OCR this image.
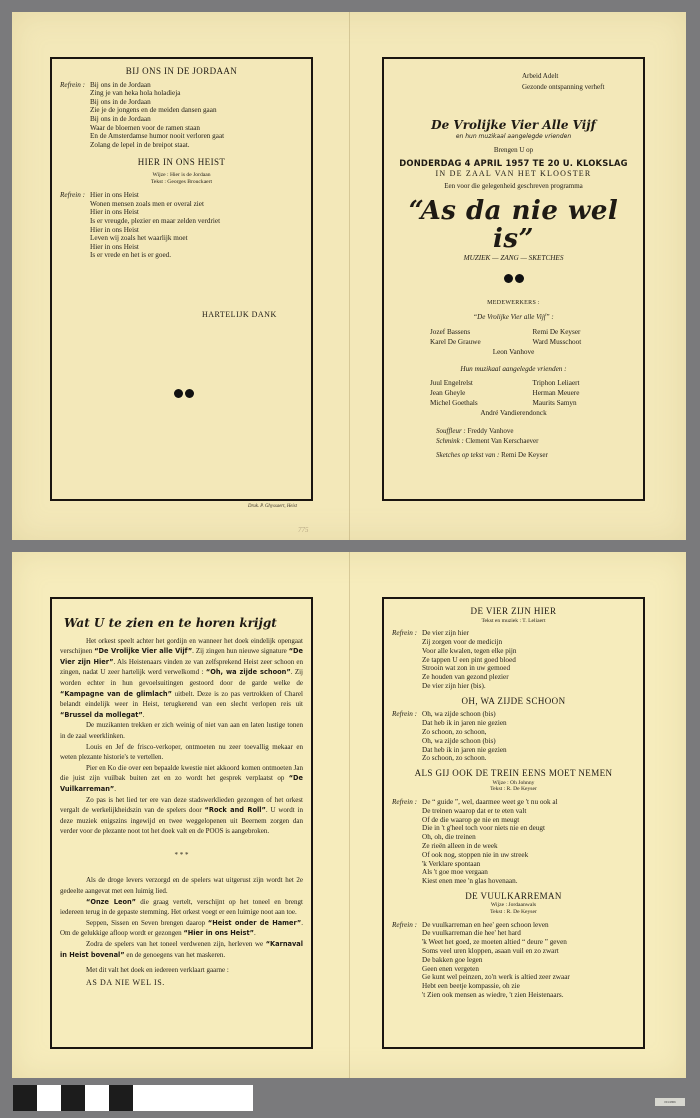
BIJ ONS IN DE JORDAAN
Refrein : Bij ons in de Jordaan
Zing je van heka hola holadieja
Bij ons in de Jordaan
Zie je de jongens en de meiden dansen gaan
Bij ons in de Jordaan
Waar de bloemen voor de ramen staan
En de Amsterdamse humor nooit verloren gaat
Zolang de lepel in de breipot staat.
HIER IN ONS HEIST
Wijze : Hier is de Jordaan
Tekst : Georges Brouckaert
Refrein : Hier in ons Heist
Wonen mensen zoals men er overal ziet
Hier in ons Heist
Is er vreugde, plezier en maar zelden verdriet
Hier in ons Heist
Leven wij zoals het waarlijk moet
Hier in ons Heist
Is er vrede en het is er goed.
HARTELIJK DANK
Druk. P. Ghyssaert, Heist
775
Arbeid Adelt
Gezonde ontspanning verheft
De Vrolijke Vier Alle Vijf
en hun muzikaal aangelegde vrienden
Brengen U op
DONDERDAG 4 APRIL 1957 TE 20 U. KLOKSLAG
IN DE ZAAL VAN HET KLOOSTER
Een voor die gelegenheid geschreven programma
“As da nie wel is”
MUZIEK — ZANG — SKETCHES
MEDEWERKERS :
“De Vrolijke Vier alle Vijf” :
Jozef Bassens	Remi De Keyser
Karel De Grauwe	Ward Musschoot
Leon Vanhove
Hun muzikaal aangelegde vrienden :
Juul Engelrelst	Triphon Leliaert
Jean Gheyle	Herman Meuere
Michel Goethals	Maurits Samyn
André Vandierendonck
Souffleur : Freddy Vanhove
Schmink : Clement Van Kerschaever
Sketches op tekst van : Remi De Keyser
Wat U te zien en te horen krijgt

Het orkest speelt achter het gordijn en wanneer het doek eindelijk opengaat verschijnen “De Vrolijke Vier alle Vijf”. Zij zingen hun nieuwe signature “De Vier zijn Hier”. Als Heistenaars vinden ze van zelfsprekend Heist zeer schoon en zingen, nadat U zeer hartelijk werd verwelkomd : “Oh, wa zijde schoon”. Zij worden echter in hun gevoelsuitingen gestoord door de garde welke de “Kampagne van de glimlach” uitbelt. Deze is zo pas vertrokken of Charel belandt eindelijk weer in Heist, terugkerend van een slecht verlopen reis uit “Brussel da mollegat”.

De muzikanten trekken er zich weinig of niet van aan en laten lustige tonen in de zaal weerklinken.

Louis en Jef de frisco-verkoper, ontmoeten nu zeer toevallig mekaar en weten plezante historie's te vertellen.

Pier en Ko die over een bepaalde kwestie niet akkoord komen ontmoeten Jan die juist zijn vuilbak buiten zet en zo wordt het gesprek verplaatst op “De Vuilkarreman”.

Zo pas is het lied ter ere van deze stadswerklieden gezongen of het orkest vergalt de werkelijkheidszin van de spelers door “Rock and Roll”. U wordt in deze muziek enigszins ingewijd en twee weggelopenen uit Beernem zorgen dan verder voor de plezante noot tot het doek valt en de POOS is aangebroken.

* * *

Als de droge levers verzorgd en de spelers wat uitgerust zijn wordt het 2e gedeelte aangevat met een luimig lied.

“Onze Leon” die graag vertelt, verschijnt op het toneel en brengt iedereen terug in de gepaste stemming. Het orkest voegt er een luimige noot aan toe.

Seppen, Sissen en Seven brengen daarop “Heist onder de Hamer”. Om de gelukkige afloop wordt er gezongen “Hier in ons Heist”.

Zodra de spelers van het toneel verdwenen zijn, herleven we “Karnaval in Heist bovenal” en de genoegens van het maskeren.

Met dit valt het doek en iedereen verklaart gaarne :
AS DA NIE WEL IS.
DE VIER ZIJN HIER
Tekst en muziek : T. Leliaert
Refrein : De vier zijn hier
Zij zorgen voor de medicijn
Voor alle kwalen, tegen elke pijn
Ze tappen U een pint goed bloed
Strooin wat zon in uw gemoed
Ze houden van gezond plezier
De vier zijn hier (bis).
OH, WA ZIJDE SCHOON
Refrein : Oh, wa zijde schoon (bis)
Dat heb ik in jaren nie gezien
Zo schoon, zo schoon,
Oh, wa zijde schoon (bis)
Dat heb ik in jaren nie gezien
Zo schoon, zo schoon.
ALS GIJ OOK DE TREIN EENS MOET NEMEN
Wijze : Oh Johnny
Tekst : R. De Keyser
Refrein : De “ guide ”, wel, daarmee weet ge 't nu ook al
De treinen waarop dat er te eten valt
Of de die waarop ge nie en meugt
Die in 't g'heel toch voor niets nie en deugt
Oh, oh, die treinen
Ze rieën alleen in de week
Of ook nog, stoppen nie in uw streek
'k Verklare spontaan
Als 't goe moe vergaan
Kiest enen mee 'n glas hovenaan.
DE VUULKARREMAN
Wijze : Jordaanwals
Tekst : R. De Keyser
Refrein : De vuulkarreman en hee' geen schoon leven
De vuulkarreman die hee' het hard
'k Weet het goed, ze moeten altied “ deure ” geven
Soms veel uren kloppen, asaan vuil en zo zwart
De bakken goe legen
Geen enen vergeten
Ge kunt wel peinzen, zo'n werk is altied zeer zwaar
Hebt een beetje kompassie, oh zie
't Zien ook mensen as wiedre, 't zien Heistenaars.
001/2806
